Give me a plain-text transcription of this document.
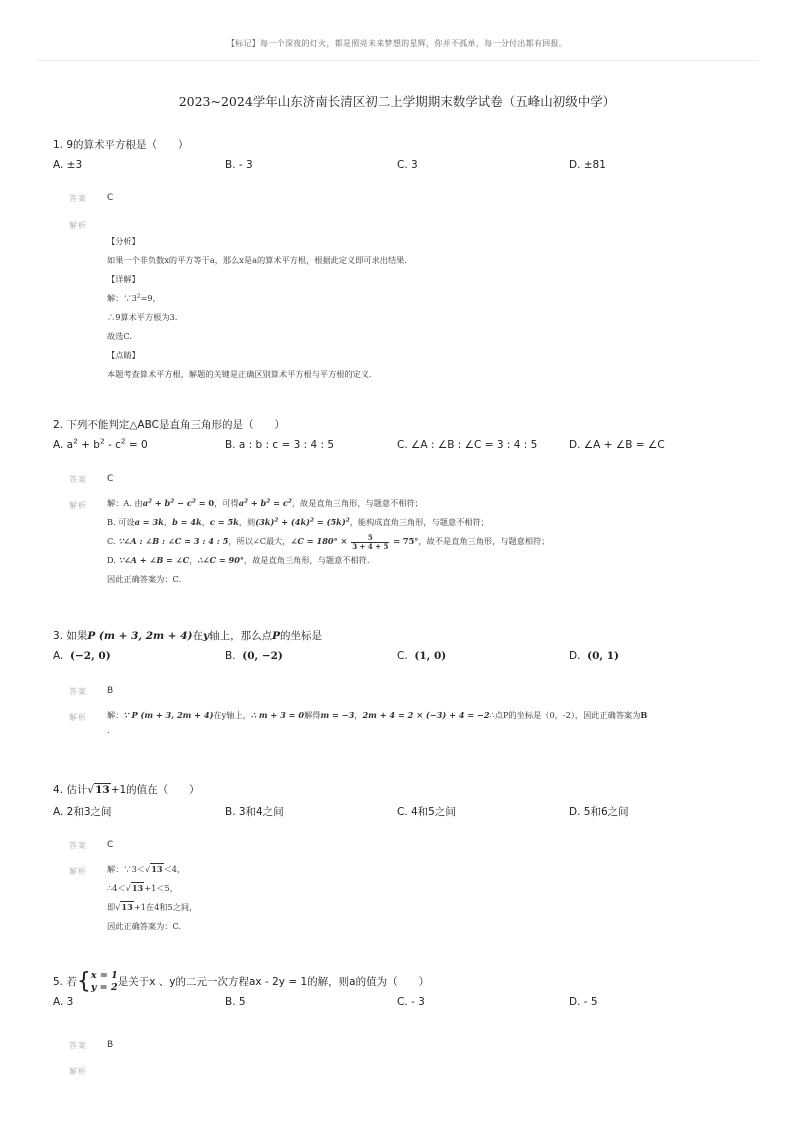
【标记】每一个深夜的灯火，都是照亮未来梦想的星辉，你并不孤单，每一分付出都有回报。
2023~2024学年山东济南长清区初二上学期期末数学试卷（五峰山初级中学）
1. 9的算术平方根是（　　）
A. ±3	B. - 3	C. 3	D. ±81
答案 C
解析
【分析】
如果一个非负数x的平方等于a，那么x是a的算术平方根，根据此定义即可求出结果.
【详解】
解：$\because 3^2=9$，
∴9算术平方根为3.
故选C.
【点睛】
本题考查算术平方根，解题的关键是正确区别算术平方根与平方根的定义.
2. 下列不能判定△ABC是直角三角形的是（　　）
A. $a^2 + b^2 - c^2 = 0$	B. a : b : c = 3 : 4 : 5	C. ∠A : ∠B : ∠C = 3 : 4 : 5	D. ∠A + ∠B = ∠C
答案 C
解析 解：A. 由$a^2 + b^2 - c^2 = 0$，可得$a^2 + b^2 = c^2$，故是直角三角形，与题意不相符；
B. 可设a = 3k，b = 4k，c = 5k，则$(3k)^2 + (4k)^2 = (5k)^2$，能构成直角三角形，与题意不相符；
C. ∵∠A : ∠B : ∠C = 3 : 4 : 5，所以∠C最大，∠C = $180^\circ \times \frac{5}{3 + 4 + 5} = 75^\circ$，故不是直角三角形，与题意相符；
D. ∵∠A + ∠B = ∠C，∴∠C = 90°，故是直角三角形，与题意不相符.
因此正确答案为：C.
3. 如果P (m + 3, 2m + 4)在y轴上，那么点P的坐标是
A. (−2, 0)	B. (0, −2)	C. (1, 0)	D. (0, 1)
答案 B
解析 解：∵ P (m + 3, 2m + 4)在y轴上，∴ m + 3 = 0解得m = −3，2m + 4 = 2 × (−3) + 4 = −2∴点P的坐标是（0，-2），因此正确答案为B
.
4. 估计√13+1的值在（　　）
A. 2和3之间	B. 3和4之间	C. 4和5之间	D. 5和6之间
答案 C
解析 解：∵3＜√13＜4，
∴4＜√13+1＜5，
即√13+1在4和5之间，
因此正确答案为：C.
5. 若{ x = 1
y = 2 是关于x 、y的二元一次方程ax - 2y = 1的解，则a的值为（　　）
A. 3	B. 5	C. - 3	D. - 5
答案 B
解析
